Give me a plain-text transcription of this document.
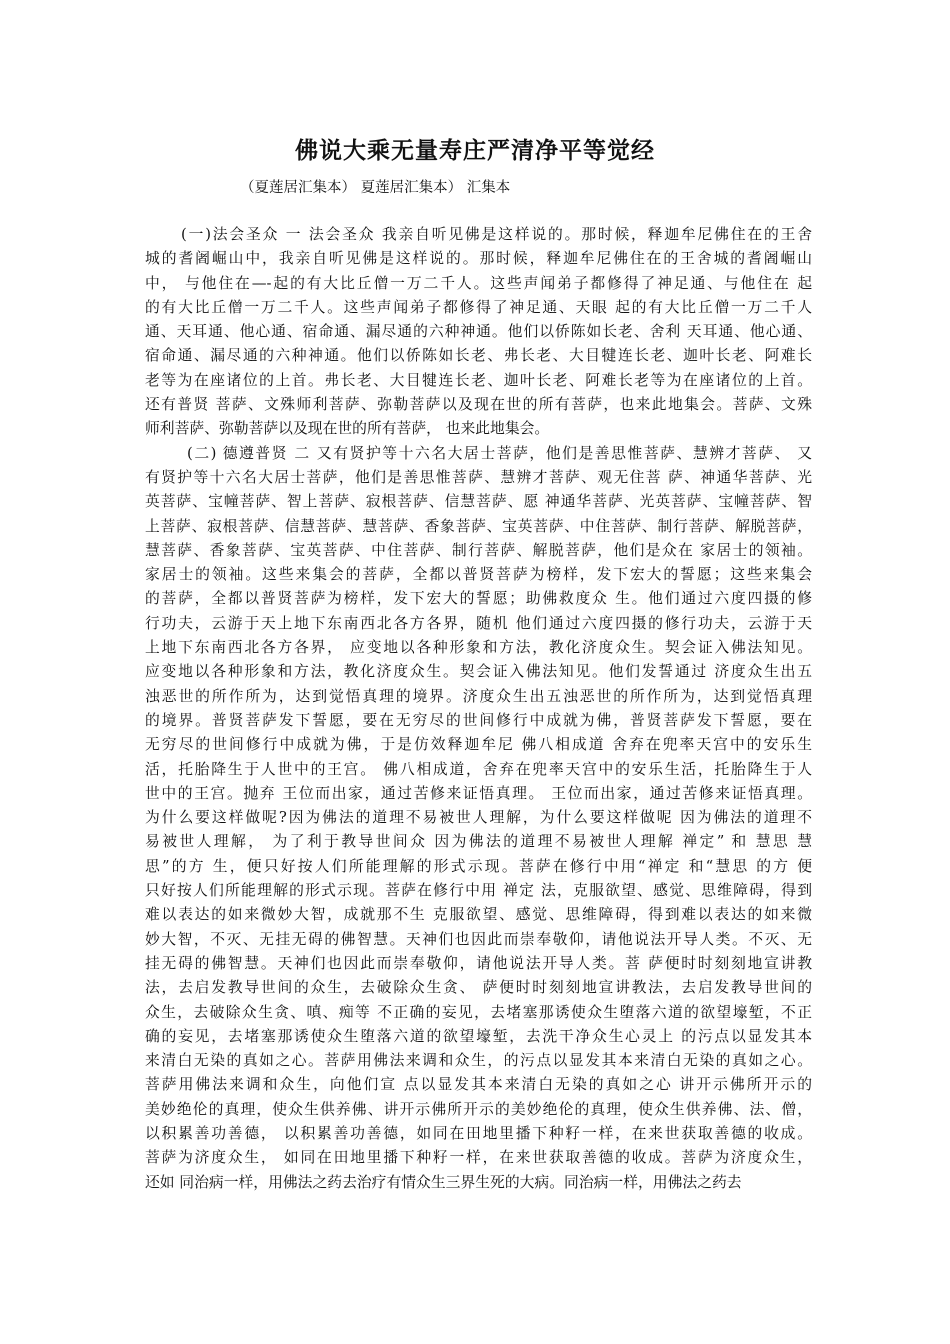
佛说大乘无量寿庄严清净平等觉经
（夏莲居汇集本） 夏莲居汇集本） 汇集本
(一)法会圣众 一 法会圣众 我亲自听见佛是这样说的。那时候，释迦牟尼佛住在的王舍
城的耆阇崛山中，我亲自听见佛是这样说的。那时候，释迦牟尼佛住在的王舍城的耆阇崛山
中， 与他住在—-起的有大比丘僧一万二千人。这些声闻弟子都修得了神足通、与他住在 起
的有大比丘僧一万二千人。这些声闻弟子都修得了神足通、天眼 起的有大比丘僧一万二千人
通、天耳通、他心通、宿命通、漏尽通的六种神通。他们以侨陈如长老、舍利 天耳通、他心通、
宿命通、漏尽通的六种神通。他们以侨陈如长老、弗长老、大目犍连长老、迦叶长老、阿难长
老等为在座诸位的上首。弗长老、大目犍连长老、迦叶长老、阿难长老等为在座诸位的上首。
还有普贤 菩萨、文殊师利菩萨、弥勒菩萨以及现在世的所有菩萨，也来此地集会。菩萨、文殊
师利菩萨、弥勒菩萨以及现在世的所有菩萨， 也来此地集会。
(二) 德遵普贤 二 又有贤护等十六名大居士菩萨，他们是善思惟菩萨、慧辨才菩萨、 又
有贤护等十六名大居士菩萨，他们是善思惟菩萨、慧辨才菩萨、观无住菩 萨、神通华菩萨、光
英菩萨、宝幢菩萨、智上菩萨、寂根菩萨、信慧菩萨、愿 神通华菩萨、光英菩萨、宝幢菩萨、智
上菩萨、寂根菩萨、信慧菩萨、慧菩萨、香象菩萨、宝英菩萨、中住菩萨、制行菩萨、解脱菩萨，
慧菩萨、香象菩萨、宝英菩萨、中住菩萨、制行菩萨、解脱菩萨，他们是众在 家居士的领袖。
家居士的领袖。这些来集会的菩萨，全都以普贤菩萨为榜样，发下宏大的誓愿；这些来集会
的菩萨，全都以普贤菩萨为榜样，发下宏大的誓愿；助佛救度众 生。他们通过六度四摄的修
行功夫，云游于天上地下东南西北各方各界，随机 他们通过六度四摄的修行功夫，云游于天
上地下东南西北各方各界， 应变地以各种形象和方法，教化济度众生。契会证入佛法知见。
应变地以各种形象和方法，教化济度众生。契会证入佛法知见。他们发誓通过 济度众生出五
浊恶世的所作所为，达到觉悟真理的境界。济度众生出五浊恶世的所作所为，达到觉悟真理
的境界。普贤菩萨发下誓愿，要在无穷尽的世间修行中成就为佛，普贤菩萨发下誓愿，要在
无穷尽的世间修行中成就为佛，于是仿效释迦牟尼 佛八相成道 舍弃在兜率天宫中的安乐生
活，托胎降生于人世中的王宫。 佛八相成道，舍弃在兜率天宫中的安乐生活，托胎降生于人
世中的王宫。抛弃 王位而出家，通过苦修来证悟真理。 王位而出家，通过苦修来证悟真理。
为什么要这样做呢?因为佛法的道理不易被世人理解，为什么要这样做呢 因为佛法的道理不
易被世人理解， 为了利于教导世间众 因为佛法的道理不易被世人理解 禅定” 和 慧思 慧
思”的方 生，便只好按人们所能理解的形式示现。菩萨在修行中用“禅定 和“慧思 的方 便
只好按人们所能理解的形式示现。菩萨在修行中用 禅定 法，克服欲望、感觉、思维障碍，得到
难以表达的如来微妙大智，成就那不生 克服欲望、感觉、思维障碍，得到难以表达的如来微
妙大智，不灭、无挂无碍的佛智慧。天神们也因此而崇奉敬仰，请他说法开导人类。不灭、无
挂无碍的佛智慧。天神们也因此而崇奉敬仰，请他说法开导人类。菩 萨便时时刻刻地宣讲教
法，去启发教导世间的众生，去破除众生贪、 萨便时时刻刻地宣讲教法，去启发教导世间的
众生，去破除众生贪、嗔、痴等 不正确的妄见，去堵塞那诱使众生堕落六道的欲望壕堑，不正
确的妄见，去堵塞那诱使众生堕落六道的欲望壕堑，去洗干净众生心灵上 的污点以显发其本
来清白无染的真如之心。菩萨用佛法来调和众生，的污点以显发其本来清白无染的真如之心。
菩萨用佛法来调和众生，向他们宣 点以显发其本来清白无染的真如之心 讲开示佛所开示的
美妙绝伦的真理，使众生供养佛、讲开示佛所开示的美妙绝伦的真理，使众生供养佛、法、僧，
以积累善功善德， 以积累善功善德，如同在田地里播下种籽一样，在来世获取善德的收成。
菩萨为济度众生， 如同在田地里播下种籽一样，在来世获取善德的收成。菩萨为济度众生，
还如 同治病一样，用佛法之药去治疗有情众生三界生死的大病。同治病一样，用佛法之药去
